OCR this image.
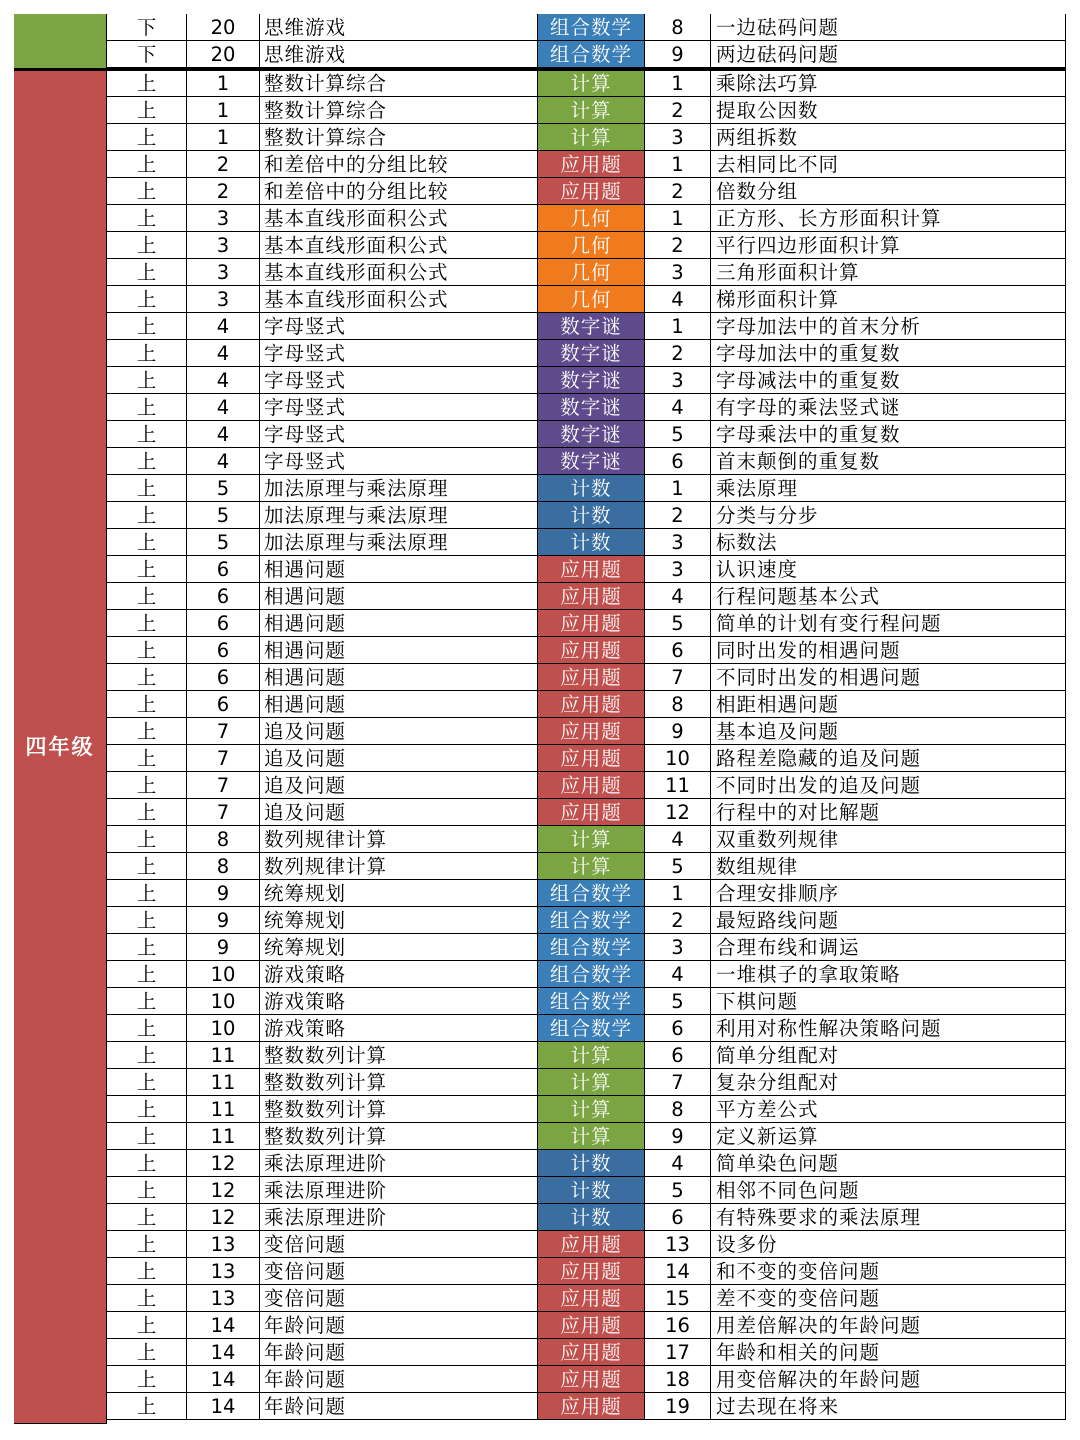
四年级
下	20	思维游戏	组合数学	8	一边砝码问题
下	20	思维游戏	组合数学	9	两边砝码问题
上	1	整数计算综合	计算	1	乘除法巧算
上	1	整数计算综合	计算	2	提取公因数
上	1	整数计算综合	计算	3	两组拆数
上	2	和差倍中的分组比较	应用题	1	去相同比不同
上	2	和差倍中的分组比较	应用题	2	倍数分组
上	3	基本直线形面积公式	几何	1	正方形、长方形面积计算
上	3	基本直线形面积公式	几何	2	平行四边形面积计算
上	3	基本直线形面积公式	几何	3	三角形面积计算
上	3	基本直线形面积公式	几何	4	梯形面积计算
上	4	字母竖式	数字谜	1	字母加法中的首末分析
上	4	字母竖式	数字谜	2	字母加法中的重复数
上	4	字母竖式	数字谜	3	字母减法中的重复数
上	4	字母竖式	数字谜	4	有字母的乘法竖式谜
上	4	字母竖式	数字谜	5	字母乘法中的重复数
上	4	字母竖式	数字谜	6	首末颠倒的重复数
上	5	加法原理与乘法原理	计数	1	乘法原理
上	5	加法原理与乘法原理	计数	2	分类与分步
上	5	加法原理与乘法原理	计数	3	标数法
上	6	相遇问题	应用题	3	认识速度
上	6	相遇问题	应用题	4	行程问题基本公式
上	6	相遇问题	应用题	5	简单的计划有变行程问题
上	6	相遇问题	应用题	6	同时出发的相遇问题
上	6	相遇问题	应用题	7	不同时出发的相遇问题
上	6	相遇问题	应用题	8	相距相遇问题
上	7	追及问题	应用题	9	基本追及问题
上	7	追及问题	应用题	10	路程差隐藏的追及问题
上	7	追及问题	应用题	11	不同时出发的追及问题
上	7	追及问题	应用题	12	行程中的对比解题
上	8	数列规律计算	计算	4	双重数列规律
上	8	数列规律计算	计算	5	数组规律
上	9	统筹规划	组合数学	1	合理安排顺序
上	9	统筹规划	组合数学	2	最短路线问题
上	9	统筹规划	组合数学	3	合理布线和调运
上	10	游戏策略	组合数学	4	一堆棋子的拿取策略
上	10	游戏策略	组合数学	5	下棋问题
上	10	游戏策略	组合数学	6	利用对称性解决策略问题
上	11	整数数列计算	计算	6	简单分组配对
上	11	整数数列计算	计算	7	复杂分组配对
上	11	整数数列计算	计算	8	平方差公式
上	11	整数数列计算	计算	9	定义新运算
上	12	乘法原理进阶	计数	4	简单染色问题
上	12	乘法原理进阶	计数	5	相邻不同色问题
上	12	乘法原理进阶	计数	6	有特殊要求的乘法原理
上	13	变倍问题	应用题	13	设多份
上	13	变倍问题	应用题	14	和不变的变倍问题
上	13	变倍问题	应用题	15	差不变的变倍问题
上	14	年龄问题	应用题	16	用差倍解决的年龄问题
上	14	年龄问题	应用题	17	年龄和相关的问题
上	14	年龄问题	应用题	18	用变倍解决的年龄问题
上	14	年龄问题	应用题	19	过去现在将来
